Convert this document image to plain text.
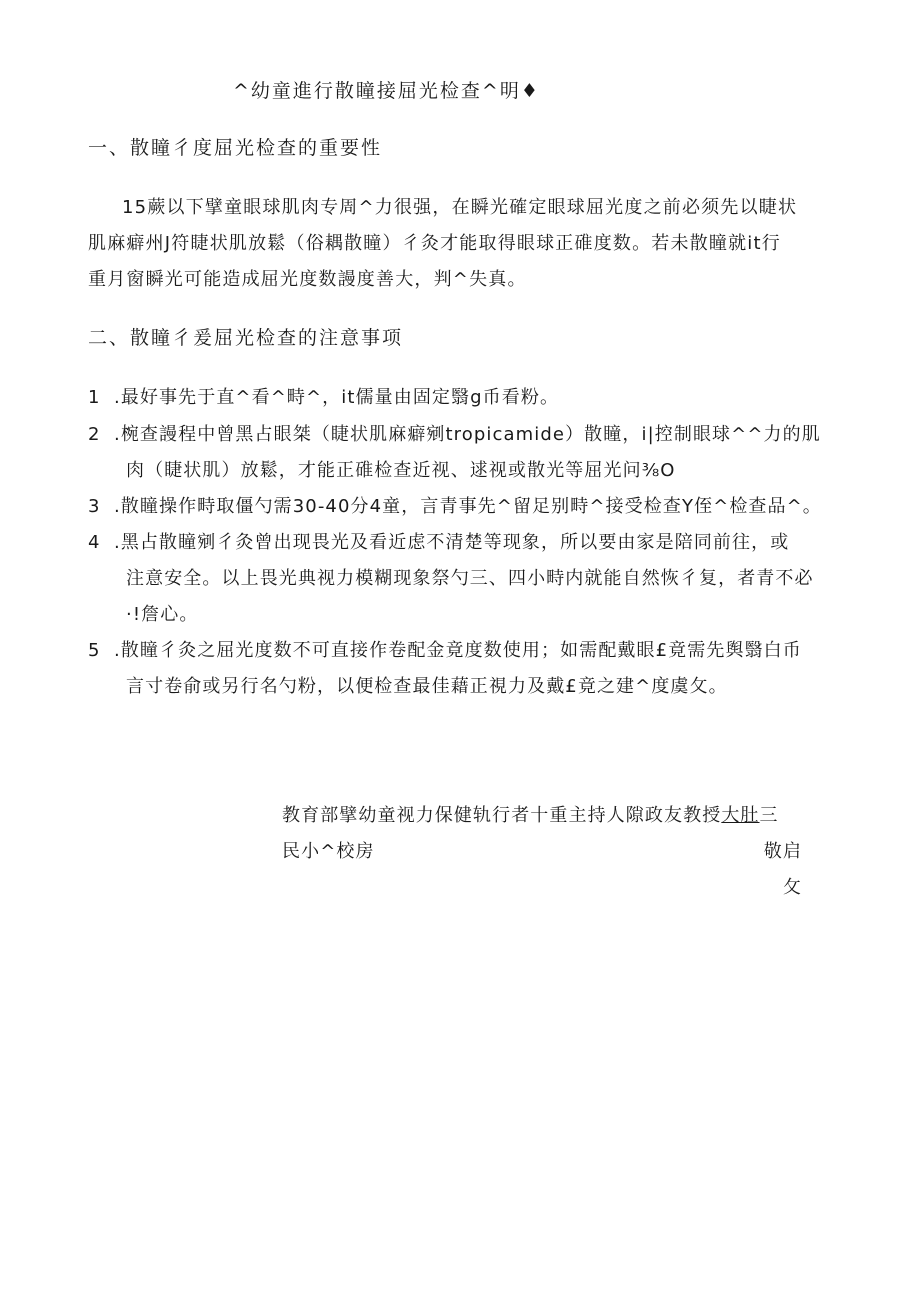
^幼童進行散瞳接屈光检查^明♦
一、散瞳彳度屈光检查的重要性
15蕨以下擘童眼球肌肉专周^力很强，在瞬光確定眼球屈光度之前必须先以睫状
肌麻癖州J符睫状肌放鬆（俗耦散瞳）彳灸才能取得眼球正碓度数。若未散瞳就it行
重月窗瞬光可能造成屈光度数謾度善大，判^失真。
二、散瞳彳爰屈光检查的注意事项
1 .最好事先于直^看^畤^，it儒量由固定翳g币看粉。
2 .椀查謾程中曾黑占眼桀（睫状肌麻癖剜tropicamide）散瞳，i|控制眼球^^力的肌
肉（睫状肌）放鬆，才能正碓检查近视、逑视或散光等屈光问⅜O
3 .散瞳操作畤取僵勺需30-40分4童，言青事先^留足别畤^接受检查Y侄^检查品^。
4 .黑占散瞳剜彳灸曾出现畏光及看近虑不清楚等现象，所以要由家是陪同前往，或
注意安全。以上畏光典视力模糊现象祭勺三、四小畤内就能自然恢彳复，者青不必
·!詹心。
5 .散瞳彳灸之屈光度数不可直接作卷配金竟度数使用；如需配戴眼£竟需先舆翳白币
言寸卷俞或另行名勺粉，以便检查最佳藉正視力及戴£竟之建^度虞攵。
教育部擘幼童视力保健轨行者十重主持人隙政友教授大肚三
民小^校房	敬启
攵
